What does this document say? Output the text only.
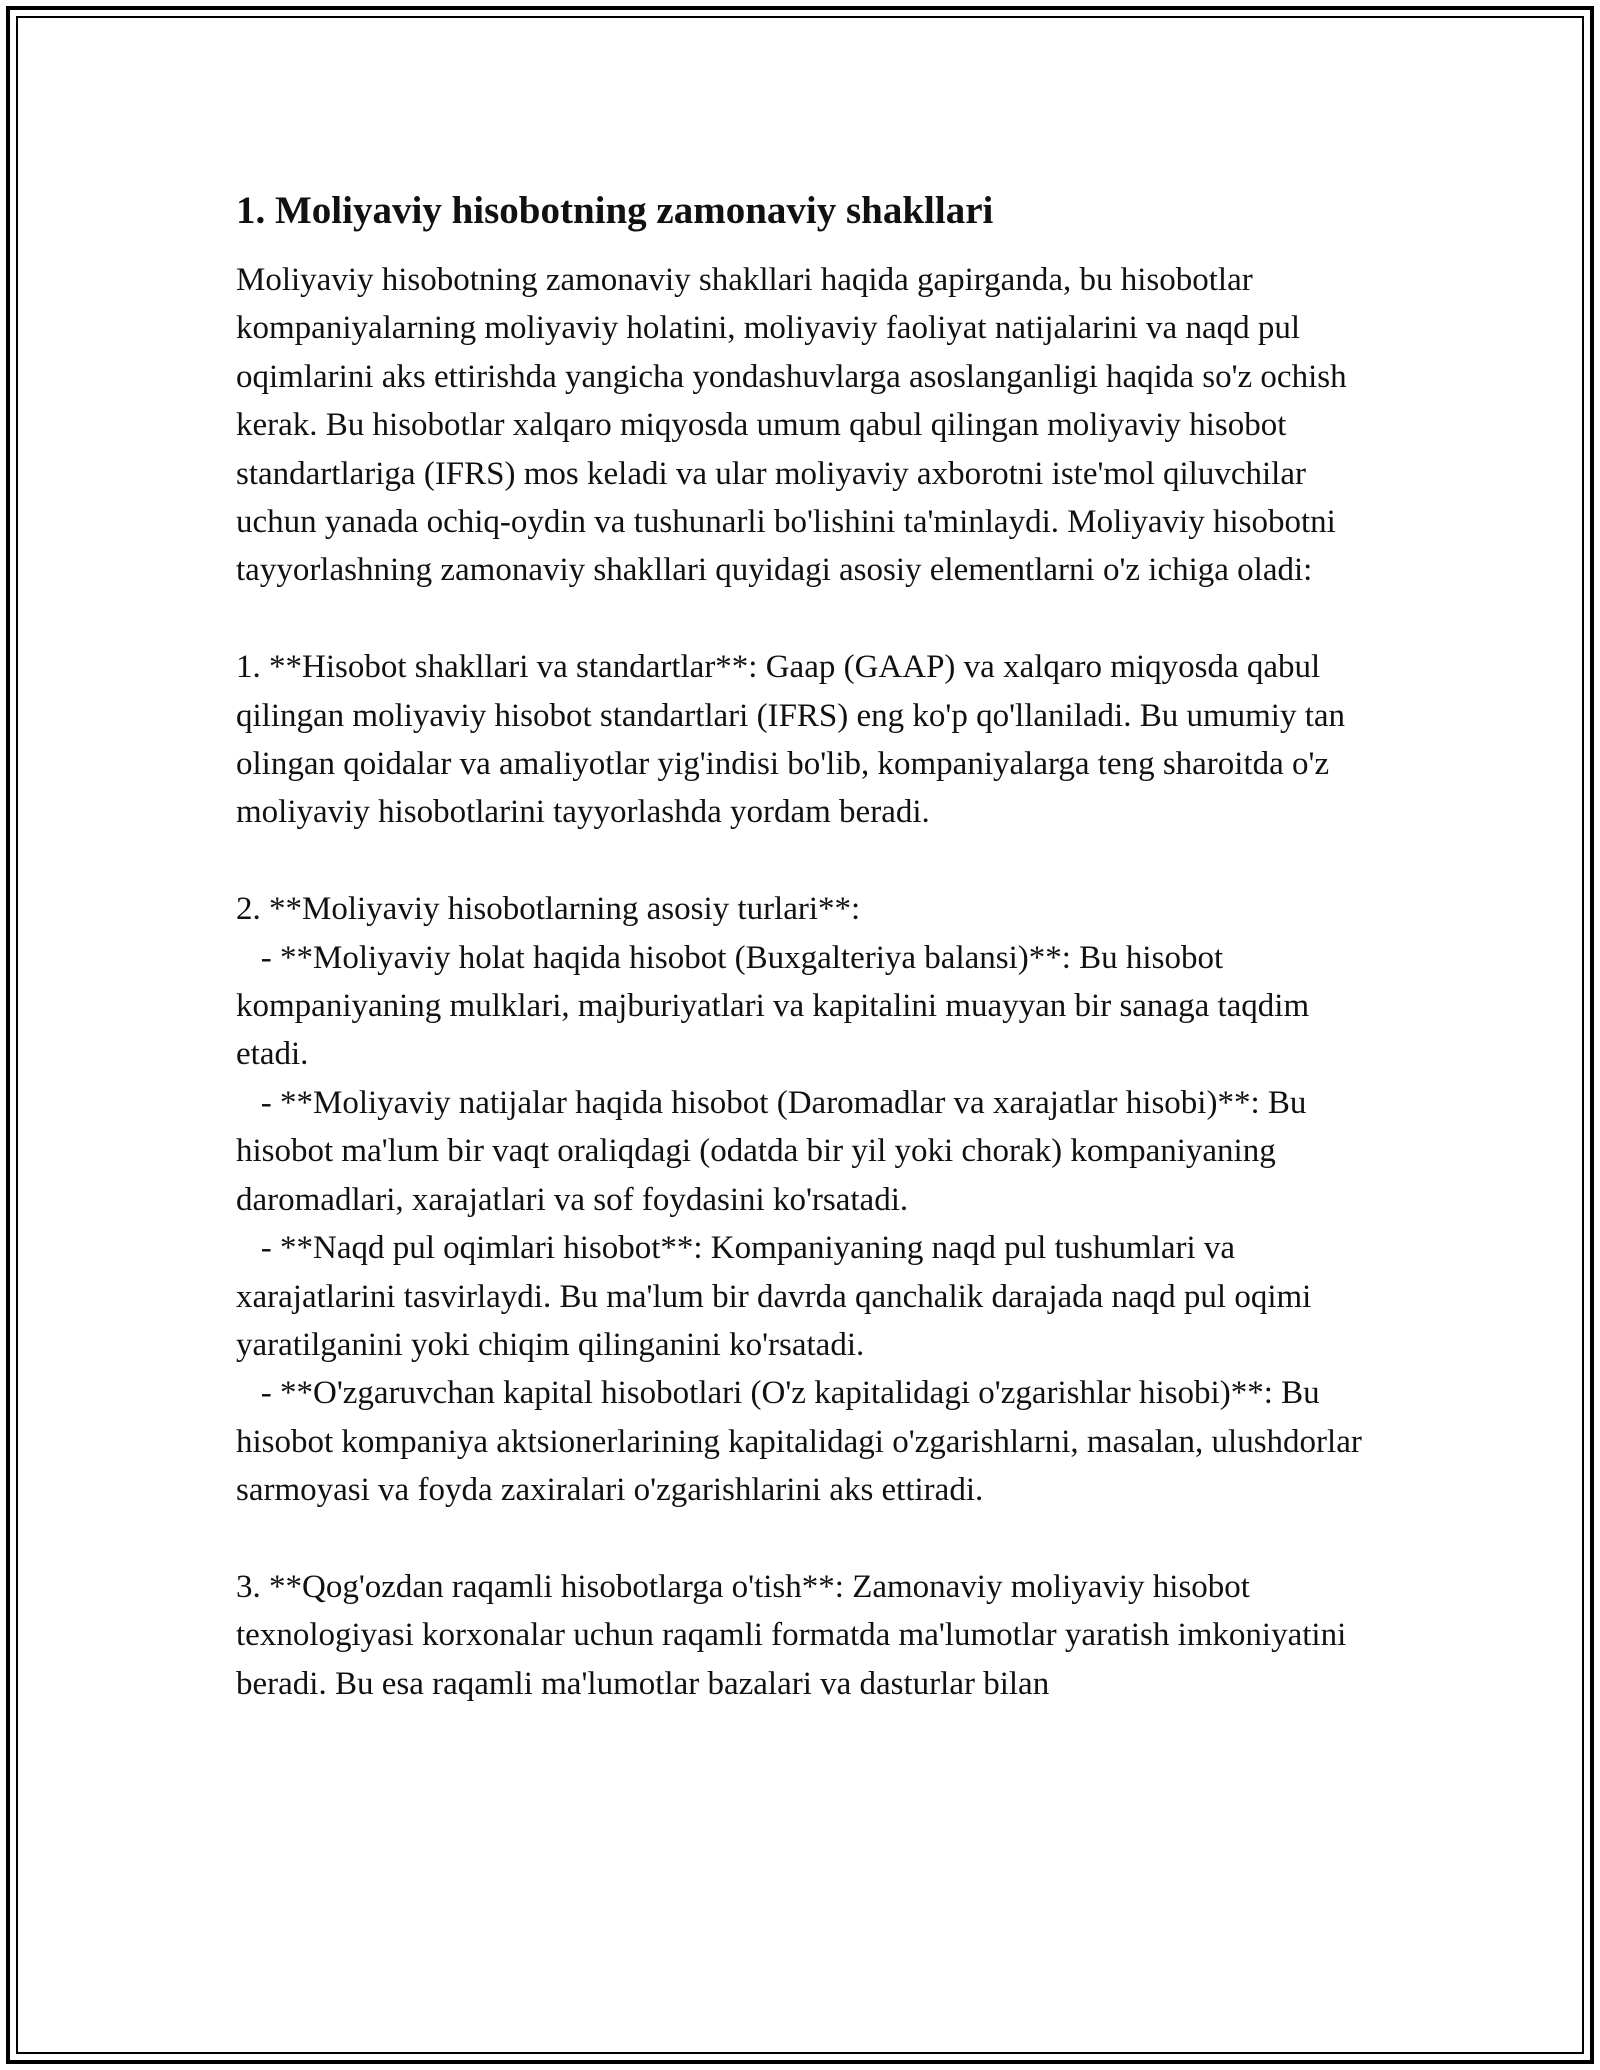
1. Moliyaviy hisobotning zamonaviy shakllari

Moliyaviy hisobotning zamonaviy shakllari haqida gapirganda, bu hisobotlar kompaniyalarning moliyaviy holatini, moliyaviy faoliyat natijalarini va naqd pul oqimlarini aks ettirishda yangicha yondashuvlarga asoslanganligi haqida so'z ochish kerak. Bu hisobotlar xalqaro miqyosda umum qabul qilingan moliyaviy hisobot standartlariga (IFRS) mos keladi va ular moliyaviy axborotni iste'mol qiluvchilar uchun yanada ochiq-oydin va tushunarli bo'lishini ta'minlaydi. Moliyaviy hisobotni tayyorlashning zamonaviy shakllari quyidagi asosiy elementlarni o'z ichiga oladi:

1. **Hisobot shakllari va standartlar**: Gaap (GAAP) va xalqaro miqyosda qabul qilingan moliyaviy hisobot standartlari (IFRS) eng ko'p qo'llaniladi. Bu umumiy tan olingan qoidalar va amaliyotlar yig'indisi bo'lib, kompaniyalarga teng sharoitda o'z moliyaviy hisobotlarini tayyorlashda yordam beradi.

2. **Moliyaviy hisobotlarning asosiy turlari**:

- **Moliyaviy holat haqida hisobot (Buxgalteriya balansi)**: Bu hisobot kompaniyaning mulklari, majburiyatlari va kapitalini muayyan bir sanaga taqdim etadi.

- **Moliyaviy natijalar haqida hisobot (Daromadlar va xarajatlar hisobi)**: Bu hisobot ma'lum bir vaqt oraliqdagi (odatda bir yil yoki chorak) kompaniyaning daromadlari, xarajatlari va sof foydasini ko'rsatadi.

- **Naqd pul oqimlari hisobot**: Kompaniyaning naqd pul tushumlari va xarajatlarini tasvirlaydi. Bu ma'lum bir davrda qanchalik darajada naqd pul oqimi yaratilganini yoki chiqim qilinganini ko'rsatadi.

- **O'zgaruvchan kapital hisobotlari (O'z kapitalidagi o'zgarishlar hisobi)**: Bu hisobot kompaniya aktsionerlarining kapitalidagi o'zgarishlarni, masalan, ulushdorlar sarmoyasi va foyda zaxiralari o'zgarishlarini aks ettiradi.

3. **Qog'ozdan raqamli hisobotlarga o'tish**: Zamonaviy moliyaviy hisobot texnologiyasi korxonalar uchun raqamli formatda ma'lumotlar yaratish imkoniyatini beradi. Bu esa raqamli ma'lumotlar bazalari va dasturlar bilan
